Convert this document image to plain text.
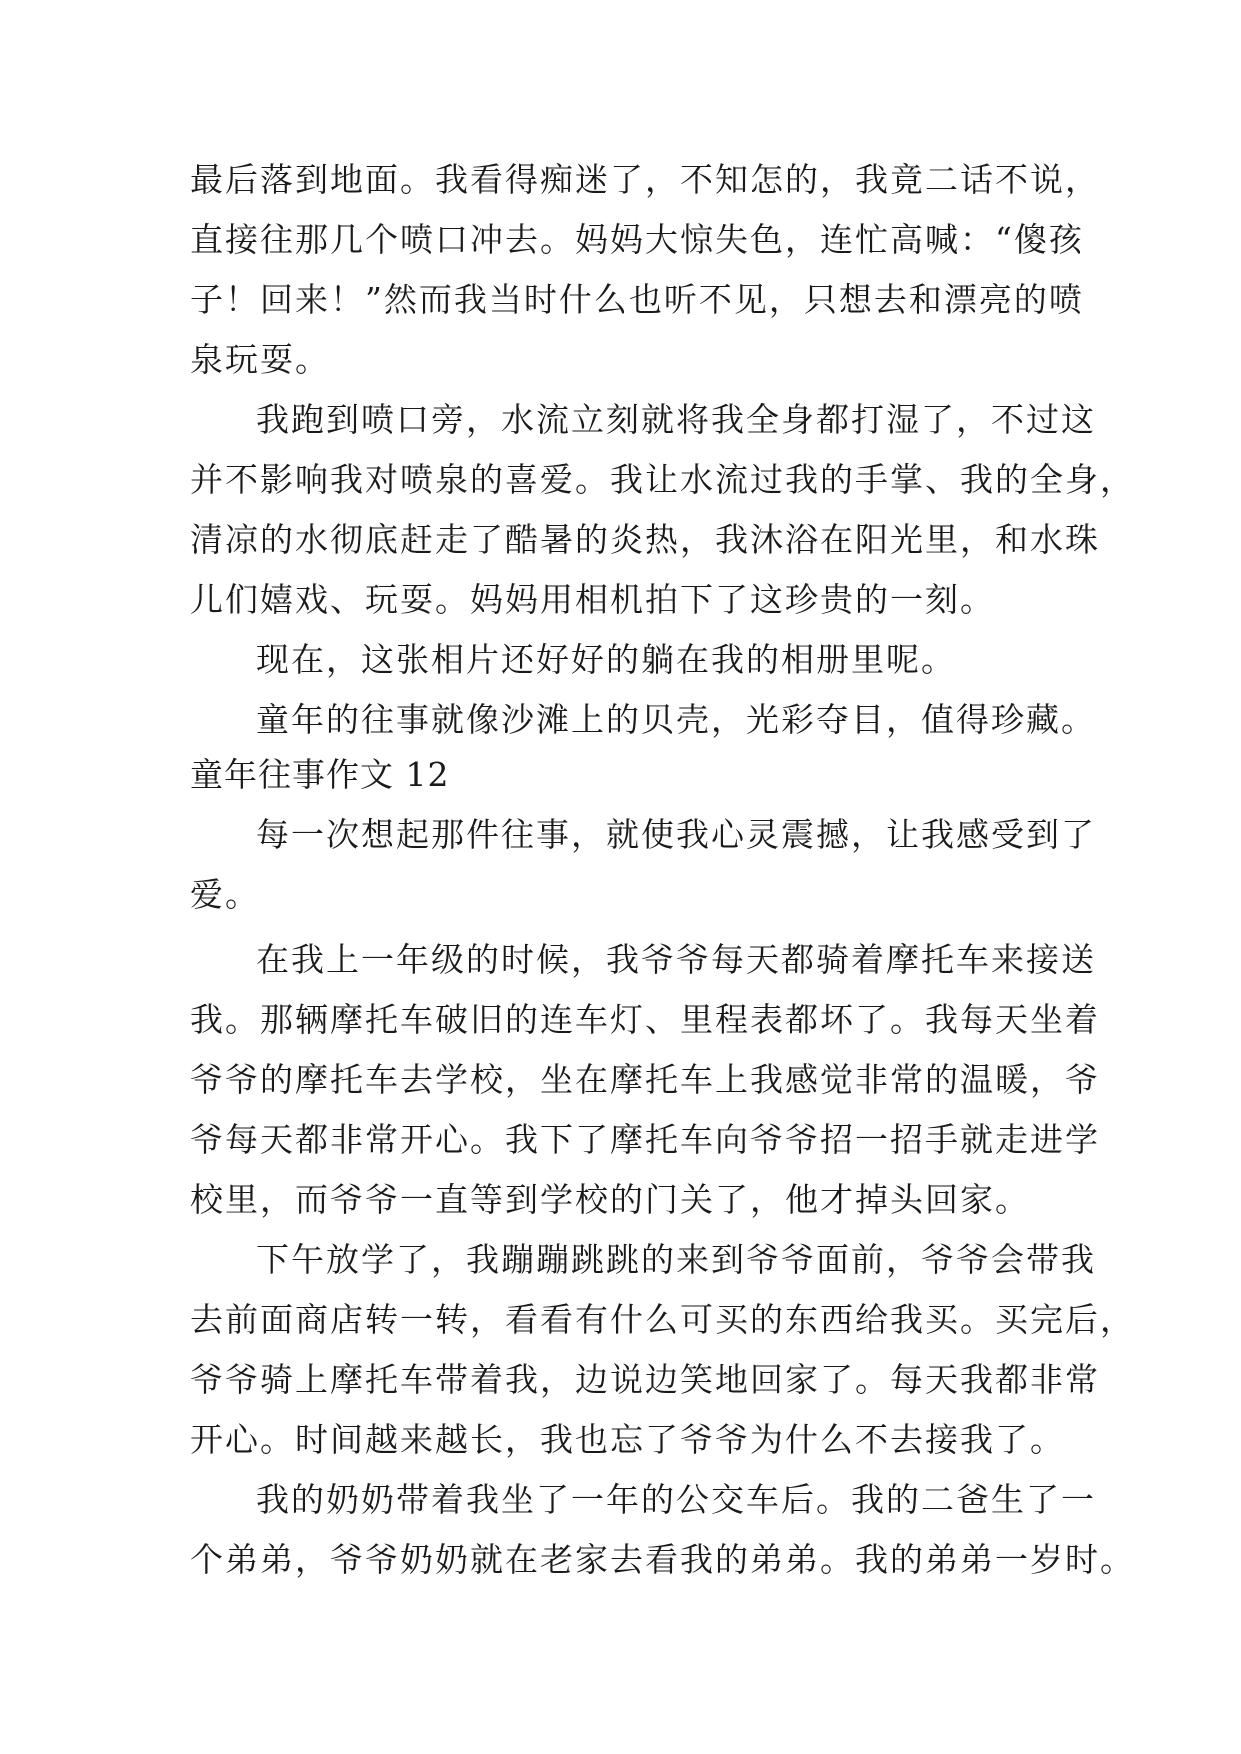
最后落到地面。我看得痴迷了，不知怎的，我竟二话不说，
直接往那几个喷口冲去。妈妈大惊失色，连忙高喊：“傻孩
子！回来！”然而我当时什么也听不见，只想去和漂亮的喷
泉玩耍。
我跑到喷口旁，水流立刻就将我全身都打湿了，不过这
并不影响我对喷泉的喜爱。我让水流过我的手掌、我的全身，
清凉的水彻底赶走了酷暑的炎热，我沐浴在阳光里，和水珠
儿们嬉戏、玩耍。妈妈用相机拍下了这珍贵的一刻。
现在，这张相片还好好的躺在我的相册里呢。
童年的往事就像沙滩上的贝壳，光彩夺目，值得珍藏。
童年往事作文 12
每一次想起那件往事，就使我心灵震撼，让我感受到了
爱。
在我上一年级的时候，我爷爷每天都骑着摩托车来接送
我。那辆摩托车破旧的连车灯、里程表都坏了。我每天坐着
爷爷的摩托车去学校，坐在摩托车上我感觉非常的温暖，爷
爷每天都非常开心。我下了摩托车向爷爷招一招手就走进学
校里，而爷爷一直等到学校的门关了，他才掉头回家。
下午放学了，我蹦蹦跳跳的来到爷爷面前，爷爷会带我
去前面商店转一转，看看有什么可买的东西给我买。买完后，
爷爷骑上摩托车带着我，边说边笑地回家了。每天我都非常
开心。时间越来越长，我也忘了爷爷为什么不去接我了。
我的奶奶带着我坐了一年的公交车后。我的二爸生了一
个弟弟，爷爷奶奶就在老家去看我的弟弟。我的弟弟一岁时。
